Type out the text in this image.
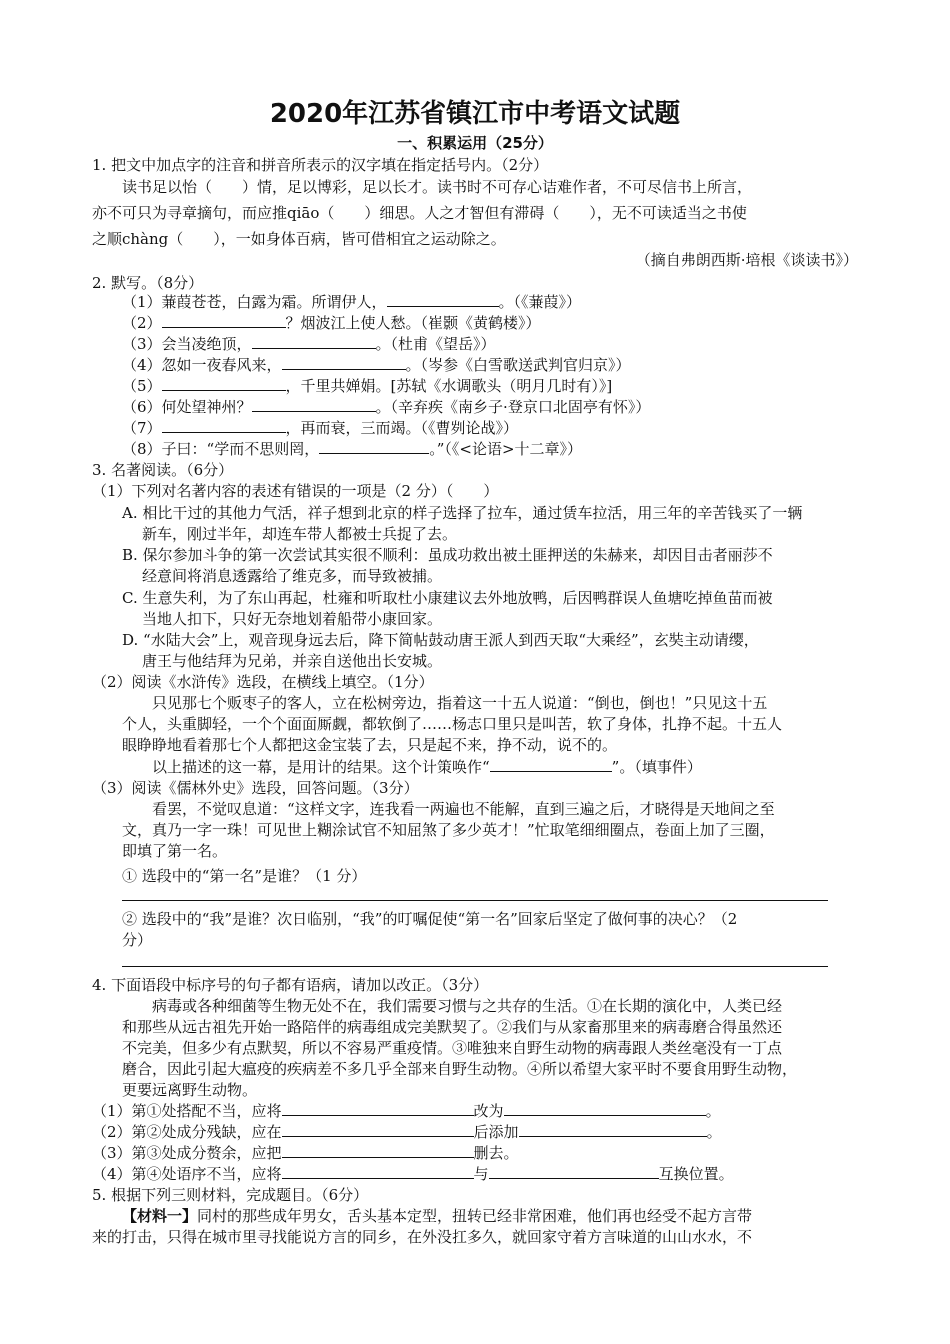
2020年江苏省镇江市中考语文试题
一、积累运用（25分）
1. 把文中加点字的注音和拼音所表示的汉字填在指定括号内。（2分）
读书足以怡（　　）情，足以博彩，足以长才。读书时不可存心诘难作者，不可尽信书上所言，
亦不可只为寻章摘句，而应推qiāo（　　）细思。人之才智但有滞碍（　　），无不可读适当之书使
之顺chàng（　　），一如身体百病，皆可借相宜之运动除之。
（摘自弗朗西斯·培根《谈读书》）
2. 默写。（8分）
（1）蒹葭苍苍，白露为霜。所谓伊人，	。（《蒹葭》）
（2）	？烟波江上使人愁。（崔颢《黄鹤楼》）
（3）会当凌绝顶，	。（杜甫《望岳》）
（4）忽如一夜春风来，	。（岑参《白雪歌送武判官归京》）
（5）	，千里共婵娟。[苏轼《水调歌头（明月几时有）》]
（6）何处望神州？	。（辛弃疾《南乡子·登京口北固亭有怀》）
（7）	，再而衰，三而竭。（《曹刿论战》）
（8）子曰：“学而不思则罔，	。”（《<论语>十二章》）
3. 名著阅读。（6分）
（1）下列对名著内容的表述有错误的一项是（2 分）（　　）
A. 相比干过的其他力气活，祥子想到北京的样子选择了拉车，通过赁车拉活，用三年的辛苦钱买了一辆
新车，刚过半年，却连车带人都被士兵捉了去。
B. 保尔参加斗争的第一次尝试其实很不顺利：虽成功救出被土匪押送的朱赫来，却因目击者丽莎不
经意间将消息透露给了维克多，而导致被捕。
C. 生意失利，为了东山再起，杜雍和听取杜小康建议去外地放鸭，后因鸭群误人鱼塘吃掉鱼苗而被
当地人扣下，只好无奈地划着船带小康回家。
D. “水陆大会”上，观音现身远去后，降下简帖鼓动唐王派人到西天取“大乘经”，玄奘主动请缨，
唐王与他结拜为兄弟，并亲自送他出长安城。
（2）阅读《水浒传》选段，在横线上填空。（1分）
只见那七个贩枣子的客人，立在松树旁边，指着这一十五人说道：“倒也，倒也！”只见这十五
个人，头重脚轻，一个个面面厮觑，都软倒了……杨志口里只是叫苦，软了身体，扎挣不起。十五人
眼睁睁地看着那七个人都把这金宝装了去，只是起不来，挣不动，说不的。
以上描述的这一幕，是用计的结果。这个计策唤作“	”。（填事件）
（3）阅读《儒林外史》选段，回答问题。（3分）
看罢，不觉叹息道：“这样文字，连我看一两遍也不能解，直到三遍之后，才晓得是天地间之至
文，真乃一字一珠！可见世上糊涂试官不知屈煞了多少英才！”忙取笔细细圈点，卷面上加了三圈，
即填了第一名。
① 选段中的“第一名”是谁？（1 分）
② 选段中的“我”是谁？次日临别，“我”的叮嘱促使“第一名”回家后坚定了做何事的决心？（2
分）
4. 下面语段中标序号的句子都有语病，请加以改正。（3分）
病毒或各种细菌等生物无处不在，我们需要习惯与之共存的生活。①在长期的演化中，人类已经
和那些从远古祖先开始一路陪伴的病毒组成完美默契了。②我们与从家畜那里来的病毒磨合得虽然还
不完美，但多少有点默契，所以不容易严重疫情。③唯独来自野生动物的病毒跟人类丝毫没有一丁点
磨合，因此引起大瘟疫的疾病差不多几乎全部来自野生动物。④所以希望大家平时不要食用野生动物，
更要远离野生动物。
（1）第①处搭配不当，应将	改为	。
（2）第②处成分残缺，应在	后添加	。
（3）第③处成分赘余，应把	删去。
（4）第④处语序不当，应将	与	互换位置。
5. 根据下列三则材料，完成题目。（6分）
【材料一】同村的那些成年男女，舌头基本定型，扭转已经非常困难，他们再也经受不起方言带
来的打击，只得在城市里寻找能说方言的同乡，在外没扛多久，就回家守着方言味道的山山水水，不
